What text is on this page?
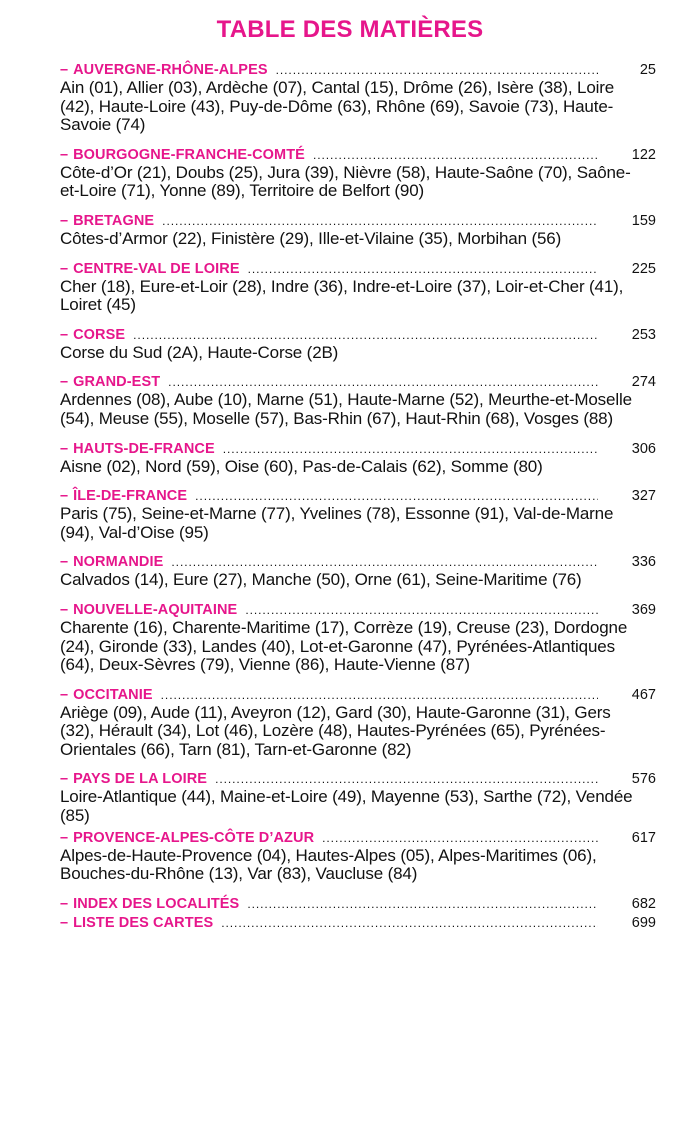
TABLE DES MATIÈRES
– AUVERGNE-RHÔNE-ALPES . . .	25

Ain (01), Allier (03), Ardèche (07), Cantal (15), Drôme (26), Isère (38), Loire (42), Haute-Loire (43), Puy-de-Dôme (63), Rhône (69), Savoie (73), Haute-Savoie (74)

– BOURGOGNE-FRANCHE-COMTÉ . . .	122

Côte-d’Or (21), Doubs (25), Jura (39), Nièvre (58), Haute-Saône (70), Saône-et-Loire (71), Yonne (89), Territoire de Belfort (90)

– BRETAGNE . . .	159

Côtes-d’Armor (22), Finistère (29), Ille-et-Vilaine (35), Morbihan (56)

– CENTRE-VAL DE LOIRE . . .	225

Cher (18), Eure-et-Loir (28), Indre (36), Indre-et-Loire (37), Loir-et-Cher (41), Loiret (45)

– CORSE . . .	253

Corse du Sud (2A), Haute-Corse (2B)

– GRAND-EST . . .	274

Ardennes (08), Aube (10), Marne (51), Haute-Marne (52), Meurthe-et-Moselle (54), Meuse (55), Moselle (57), Bas-Rhin (67), Haut-Rhin (68), Vosges (88)

– HAUTS-DE-FRANCE . . .	306

Aisne (02), Nord (59), Oise (60), Pas-de-Calais (62), Somme (80)

– ÎLE-DE-FRANCE . . .	327

Paris (75), Seine-et-Marne (77), Yvelines (78), Essonne (91), Val-de-Marne (94), Val-d’Oise (95)

– NORMANDIE . . .	336

Calvados (14), Eure (27), Manche (50), Orne (61), Seine-Maritime (76)

– NOUVELLE-AQUITAINE . . .	369

Charente (16), Charente-Maritime (17), Corrèze (19), Creuse (23), Dordogne (24), Gironde (33), Landes (40), Lot-et-Garonne (47), Pyrénées-Atlantiques (64), Deux-Sèvres (79), Vienne (86), Haute-Vienne (87)

– OCCITANIE . . .	467

Ariège (09), Aude (11), Aveyron (12), Gard (30), Haute-Garonne (31), Gers (32), Hérault (34), Lot (46), Lozère (48), Hautes-Pyrénées (65), Pyrénées-Orientales (66), Tarn (81), Tarn-et-Garonne (82)

– PAYS DE LA LOIRE . . .	576

Loire-Atlantique (44), Maine-et-Loire (49), Mayenne (53), Sarthe (72), Vendée (85)

– PROVENCE-ALPES-CÔTE D’AZUR . . .	617

Alpes-de-Haute-Provence (04), Hautes-Alpes (05), Alpes-Maritimes (06), Bouches-du-Rhône (13), Var (83), Vaucluse (84)

– INDEX DES LOCALITÉS . . .	682
– LISTE DES CARTES . . .	699
